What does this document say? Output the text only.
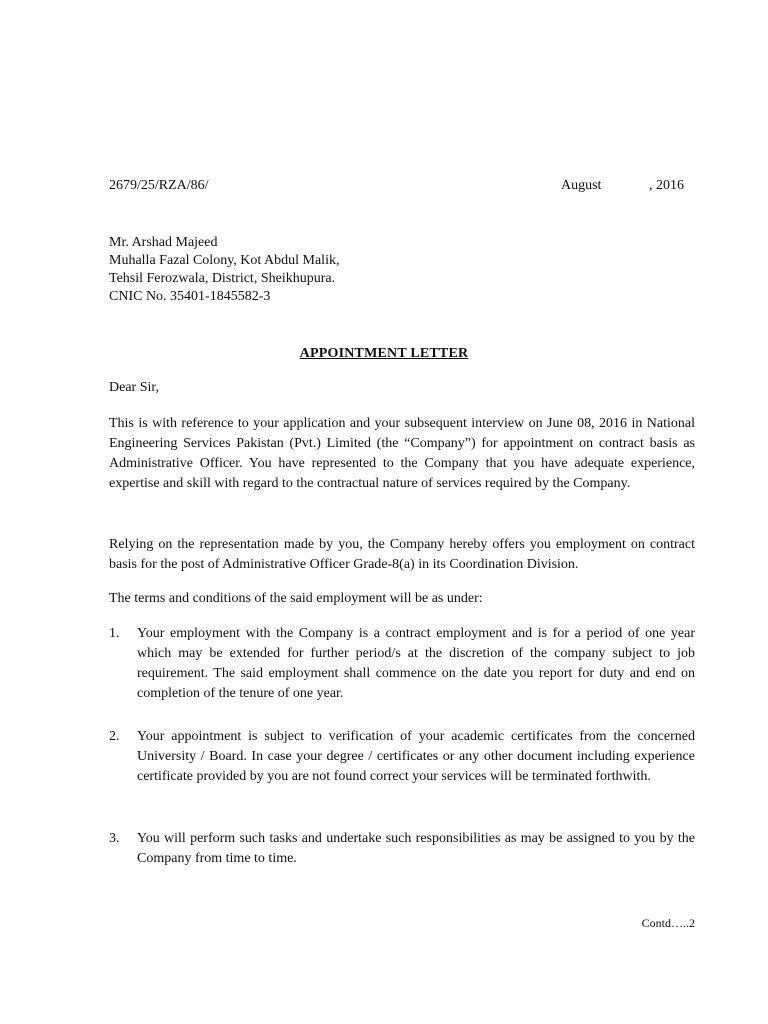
2679/25/RZA/86/	August	, 2016
Mr. Arshad Majeed
Muhalla Fazal Colony, Kot Abdul Malik,
Tehsil Ferozwala, District, Sheikhupura.
CNIC No. 35401-1845582-3
APPOINTMENT LETTER
Dear Sir,
This is with reference to your application and your subsequent interview on June 08, 2016 in National Engineering Services Pakistan (Pvt.) Limited (the “Company”) for appointment on contract basis as Administrative Officer. You have represented to the Company that you have adequate experience, expertise and skill with regard to the contractual nature of services required by the Company.
Relying on the representation made by you, the Company hereby offers you employment on contract basis for the post of Administrative Officer Grade-8(a) in its Coordination Division.
The terms and conditions of the said employment will be as under:
1. Your employment with the Company is a contract employment and is for a period of one year which may be extended for further period/s at the discretion of the company subject to job requirement. The said employment shall commence on the date you report for duty and end on completion of the tenure of one year.
2. Your appointment is subject to verification of your academic certificates from the concerned University / Board. In case your degree / certificates or any other document including experience certificate provided by you are not found correct your services will be terminated forthwith.
3. You will perform such tasks and undertake such responsibilities as may be assigned to you by the Company from time to time.
Contd…..2
